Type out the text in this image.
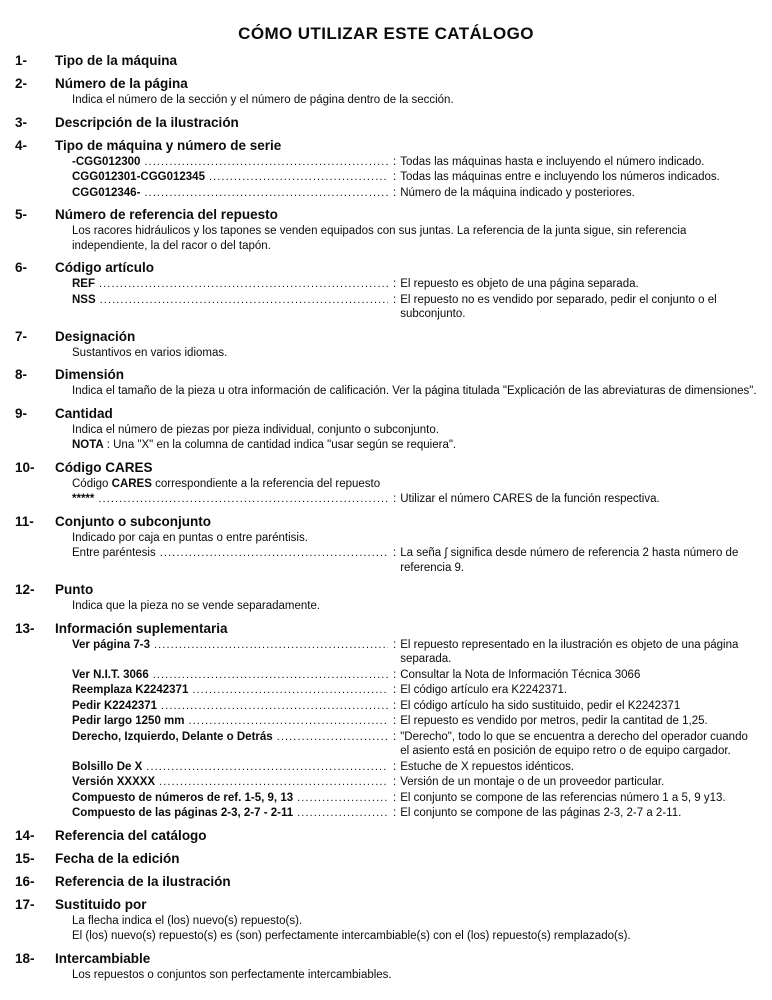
CÓMO UTILIZAR ESTE CATÁLOGO
1-	Tipo de la máquina
2-	Número de la página
Indica el número de la sección y el número de página dentro de la sección.
3-	Descripción de la ilustración
4-	Tipo de máquina y número de serie
-CGG012300 .....	: Todas las máquinas hasta e incluyendo el número indicado.
CGG012301-CGG012345 .....	: Todas las máquinas entre e incluyendo los números indicados.
CGG012346- .....	: Número de la máquina indicado y posteriores.
5-	Número de referencia del repuesto
Los racores hidráulicos y los tapones se venden equipados con sus juntas. La referencia de la junta sigue, sin referencia independiente, la del racor o del tapón.
6-	Código artículo
REF .....	: El repuesto es objeto de una página separada.
NSS .....	: El repuesto no es vendido por separado, pedir el conjunto o el subconjunto.
7-	Designación
Sustantivos en varios idiomas.
8-	Dimensión
Indica el tamaño de la pieza u otra información de calificación. Ver la página titulada "Explicación de las abreviaturas de dimensiones".
9-	Cantidad
Indica el número de piezas por pieza individual, conjunto o subconjunto.
NOTA : Una "X" en la columna de cantidad indica "usar según se requiera".
10-	Código CARES
Código CARES correspondiente a la referencia del repuesto
***** .....	: Utilizar el número CARES de la función respectiva.
11-	Conjunto o subconjunto
Indicado por caja en puntas o entre paréntisis.
Entre paréntesis .....	: La seña ∫ significa desde número de referencia 2 hasta número de referencia 9.
12-	Punto
Indica que la pieza no se vende separadamente.
13-	Información suplementaria
Ver página 7-3 .....	: El repuesto representado en la ilustración es objeto de una página separada.
Ver N.I.T. 3066 .....	: Consultar la Nota de Información Técnica 3066
Reemplaza K2242371 .....	: El código artículo era K2242371.
Pedir K2242371 .....	: El código artículo ha sido sustituido, pedir el K2242371
Pedir largo 1250 mm .....	: El repuesto es vendido por metros, pedir la cantitad de 1,25.
Derecho, Izquierdo, Delante o Detrás .....	: "Derecho", todo lo que se encuentra a derecho del operador cuando el asiento está en posición de equipo retro o de equipo cargador.
Bolsillo De X .....	: Estuche de X repuestos idénticos.
Versión XXXXX .....	: Versión de un montaje o de un proveedor particular.
Compuesto de números de ref. 1-5, 9, 13 .....	: El conjunto se compone de las referencias número 1 a 5, 9 y13.
Compuesto de las páginas 2-3, 2-7 - 2-11 .....	: El conjunto se compone de las páginas 2-3, 2-7 a 2-11.
14-	Referencia del catálogo
15-	Fecha de la edición
16-	Referencia de la ilustración
17-	Sustituido por
La flecha indica el (los) nuevo(s) repuesto(s).
El (los) nuevo(s) repuesto(s) es (son) perfectamente intercambiable(s) con el (los) repuesto(s) remplazado(s).
18-	Intercambiable
Los repuestos o conjuntos son perfectamente intercambiables.
